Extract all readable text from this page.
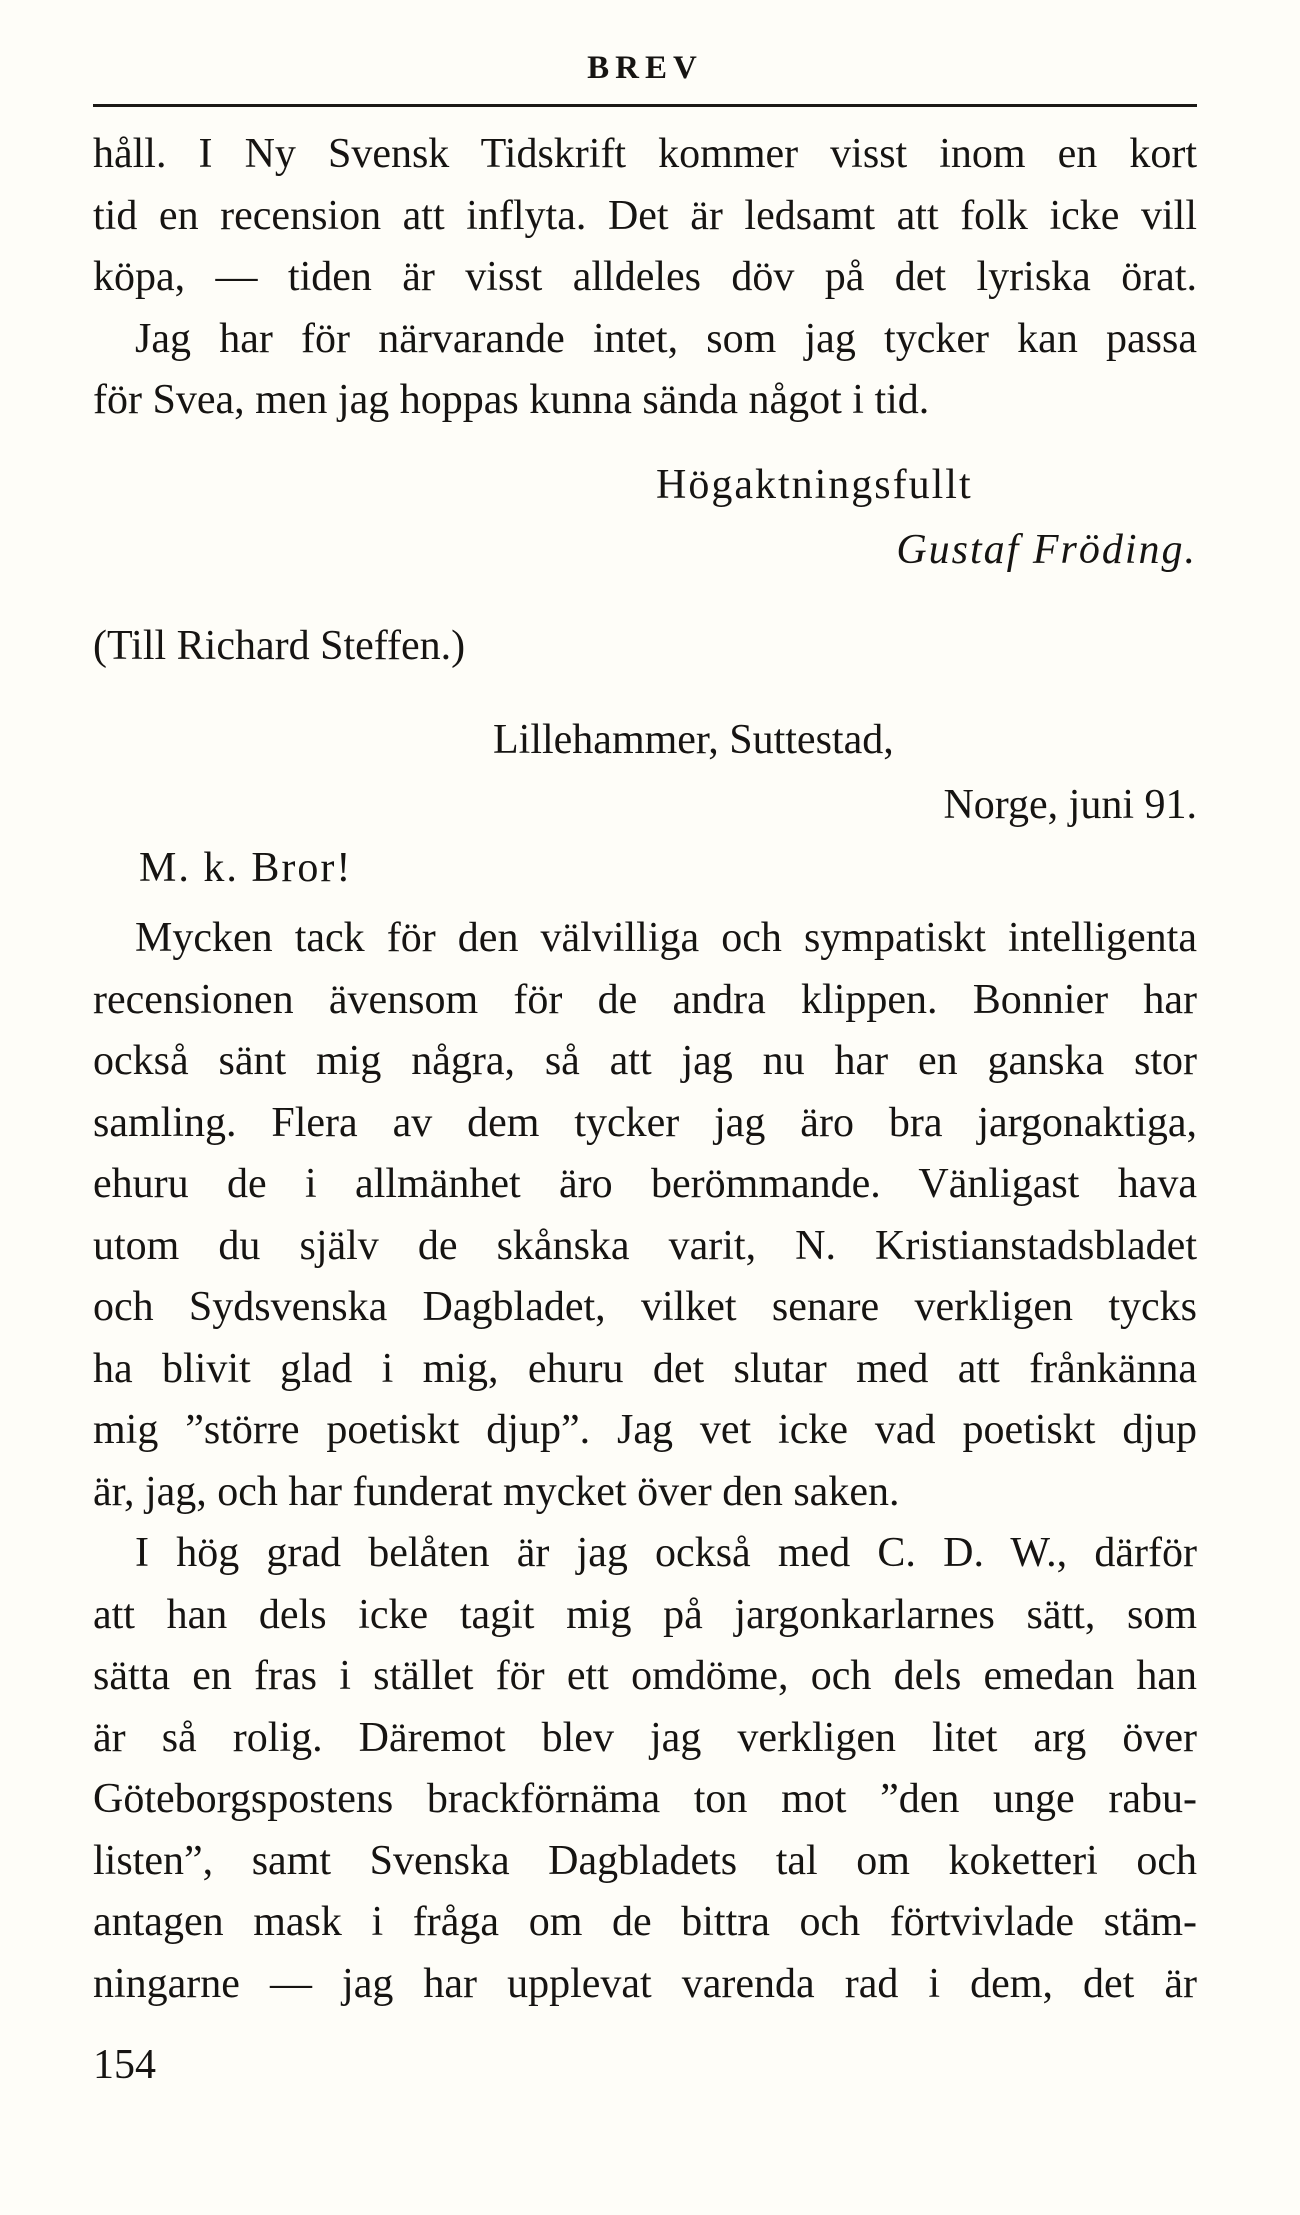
BREV
håll. I Ny Svensk Tidskrift kommer visst inom en kort
tid en recension att inflyta. Det är ledsamt att folk icke vill
köpa, — tiden är visst alldeles döv på det lyriska örat.
Jag har för närvarande intet, som jag tycker kan passa
för Svea, men jag hoppas kunna sända något i tid.
Högaktningsfullt
Gustaf Fröding.
(Till Richard Steffen.)
Lillehammer, Suttestad,
Norge, juni 91.
M. k. Bror!
Mycken tack för den välvilliga och sympatiskt intelligenta
recensionen ävensom för de andra klippen. Bonnier har
också sänt mig några, så att jag nu har en ganska stor
samling. Flera av dem tycker jag äro bra jargonaktiga,
ehuru de i allmänhet äro berömmande. Vänligast hava
utom du själv de skånska varit, N. Kristianstadsbladet
och Sydsvenska Dagbladet, vilket senare verkligen tycks
ha blivit glad i mig, ehuru det slutar med att frånkänna
mig ”större poetiskt djup”. Jag vet icke vad poetiskt djup
är, jag, och har funderat mycket över den saken.
I hög grad belåten är jag också med C. D. W., därför
att han dels icke tagit mig på jargonkarlarnes sätt, som
sätta en fras i stället för ett omdöme, och dels emedan han
är så rolig. Däremot blev jag verkligen litet arg över
Göteborgspostens brackförnäma ton mot ”den unge rabu-
listen”, samt Svenska Dagbladets tal om koketteri och
antagen mask i fråga om de bittra och förtvivlade stäm-
ningarne — jag har upplevat varenda rad i dem, det är
154
